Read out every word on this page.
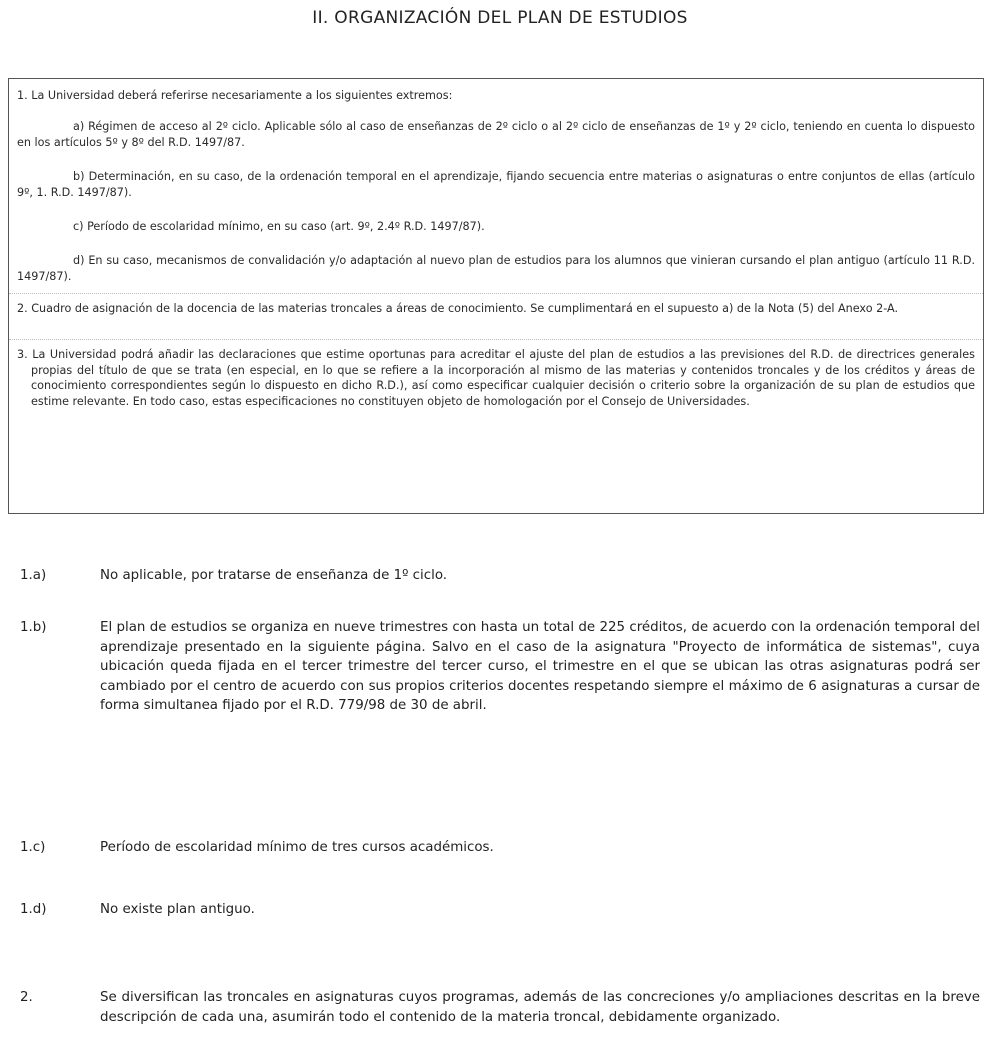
II. ORGANIZACIÓN DEL PLAN DE ESTUDIOS

1. La Universidad deberá referirse necesariamente a los siguientes extremos:

a) Régimen de acceso al 2º ciclo. Aplicable sólo al caso de enseñanzas de 2º ciclo o al 2º ciclo de enseñanzas de 1º y 2º ciclo, teniendo en cuenta lo dispuesto en los artículos 5º y 8º del R.D. 1497/87.

b) Determinación, en su caso, de la ordenación temporal en el aprendizaje, fijando secuencia entre materias o asignaturas o entre conjuntos de ellas (artículo 9º, 1. R.D. 1497/87).

c) Período de escolaridad mínimo, en su caso (art. 9º, 2.4º R.D. 1497/87).

d) En su caso, mecanismos de convalidación y/o adaptación al nuevo plan de estudios para los alumnos que vinieran cursando el plan antiguo (artículo 11 R.D. 1497/87).

2. Cuadro de asignación de la docencia de las materias troncales a áreas de conocimiento. Se cumplimentará en el supuesto a) de la Nota (5) del Anexo 2-A.

3. La Universidad podrá añadir las declaraciones que estime oportunas para acreditar el ajuste del plan de estudios a las previsiones del R.D. de directrices generales propias del título de que se trata (en especial, en lo que se refiere a la incorporación al mismo de las materias y contenidos troncales y de los créditos y áreas de conocimiento correspondientes según lo dispuesto en dicho R.D.), así como especificar cualquier decisión o criterio sobre la organización de su plan de estudios que estime relevante. En todo caso, estas especificaciones no constituyen objeto de homologación por el Consejo de Universidades.

1.a)	No aplicable, por tratarse de enseñanza de 1º ciclo.
1.b)	El plan de estudios se organiza en nueve trimestres con hasta un total de 225 créditos, de acuerdo con la ordenación temporal del aprendizaje presentado en la siguiente página. Salvo en el caso de la asignatura "Proyecto de informática de sistemas", cuya ubicación queda fijada en el tercer trimestre del tercer curso, el trimestre en el que se ubican las otras asignaturas podrá ser cambiado por el centro de acuerdo con sus propios criterios docentes respetando siempre el máximo de 6 asignaturas a cursar de forma simultanea fijado por el R.D. 779/98 de 30 de abril.
1.c)	Período de escolaridad mínimo de tres cursos académicos.
1.d)	No existe plan antiguo.
2.	Se diversifican las troncales en asignaturas cuyos programas, además de las concreciones y/o ampliaciones descritas en la breve descripción de cada una, asumirán todo el contenido de la materia troncal, debidamente organizado.
